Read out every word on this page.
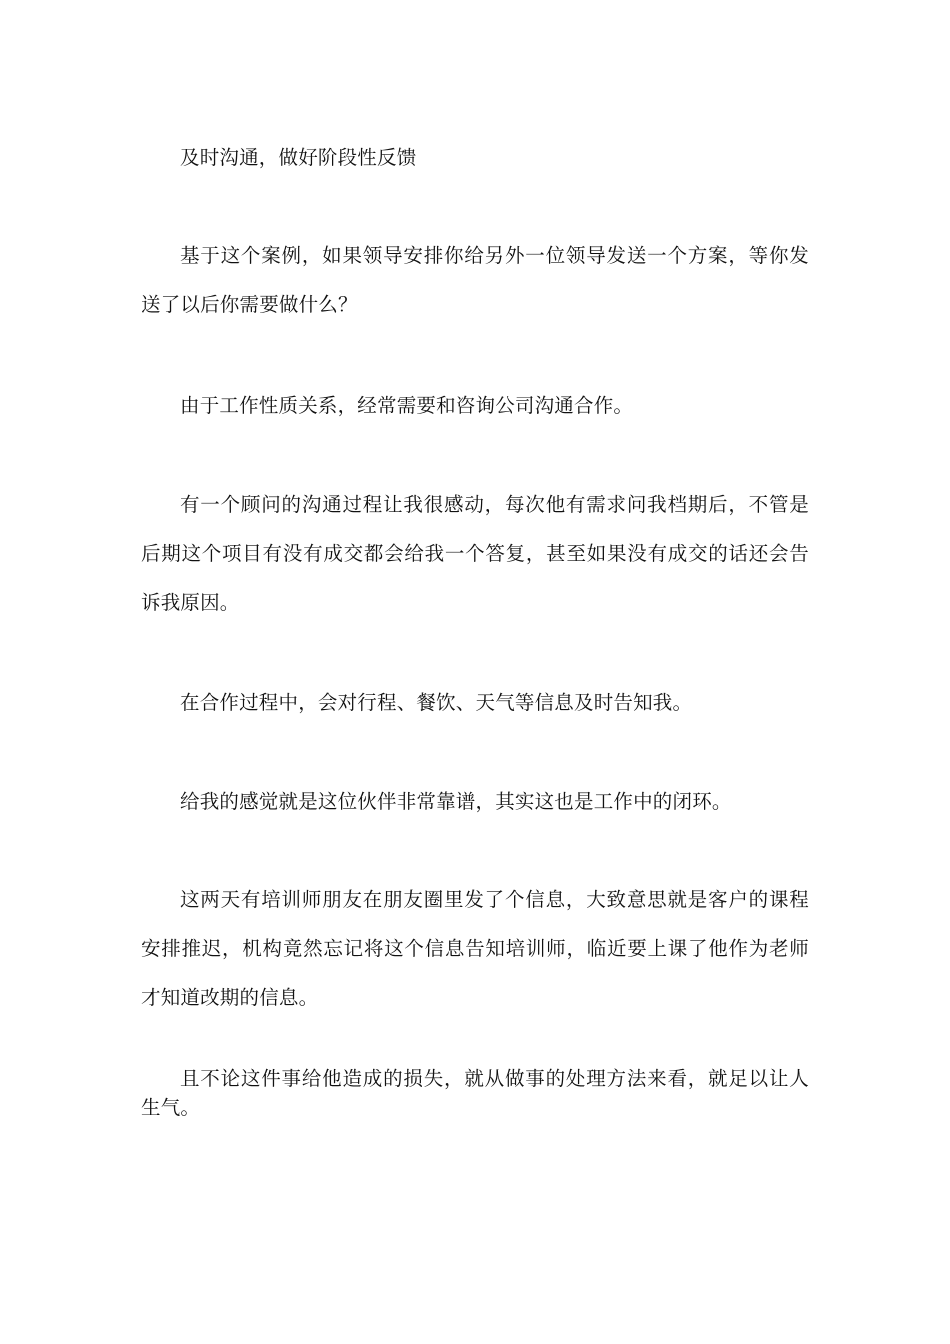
及时沟通，做好阶段性反馈

基于这个案例，如果领导安排你给另外一位领导发送一个方案，等你发送了以后你需要做什么？

由于工作性质关系，经常需要和咨询公司沟通合作。

有一个顾问的沟通过程让我很感动，每次他有需求问我档期后，不管是后期这个项目有没有成交都会给我一个答复，甚至如果没有成交的话还会告诉我原因。

在合作过程中，会对行程、餐饮、天气等信息及时告知我。

给我的感觉就是这位伙伴非常靠谱，其实这也是工作中的闭环。

这两天有培训师朋友在朋友圈里发了个信息，大致意思就是客户的课程安排推迟，机构竟然忘记将这个信息告知培训师，临近要上课了他作为老师才知道改期的信息。

且不论这件事给他造成的损失，就从做事的处理方法来看，就足以让人生气。
